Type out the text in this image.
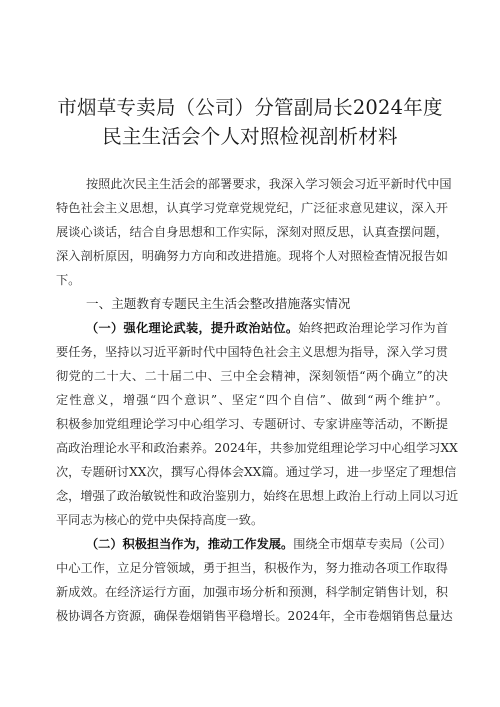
市烟草专卖局（公司）分管副局长2024年度
民主生活会个人对照检视剖析材料
按照此次民主生活会的部署要求，我深入学习领会习近平新时代中国
特色社会主义思想，认真学习党章党规党纪，广泛征求意见建议，深入开
展谈心谈话，结合自身思想和工作实际，深刻对照反思，认真查摆问题，
深入剖析原因，明确努力方向和改进措施。现将个人对照检查情况报告如
下。
一、主题教育专题民主生活会整改措施落实情况
（一）强化理论武装，提升政治站位。始终把政治理论学习作为首
要任务，坚持以习近平新时代中国特色社会主义思想为指导，深入学习贯
彻党的二十大、二十届二中、三中全会精神，深刻领悟“两个确立”的决
定性意义，增强“四个意识”、坚定“四个自信”、做到“两个维护”。
积极参加党组理论学习中心组学习、专题研讨、专家讲座等活动，不断提
高政治理论水平和政治素养。2024年，共参加党组理论学习中心组学习XX
次，专题研讨XX次，撰写心得体会XX篇。通过学习，进一步坚定了理想信
念，增强了政治敏锐性和政治鉴别力，始终在思想上政治上行动上同以习近
平同志为核心的党中央保持高度一致。
（二）积极担当作为，推动工作发展。围绕全市烟草专卖局（公司）
中心工作，立足分管领域，勇于担当，积极作为，努力推动各项工作取得
新成效。在经济运行方面，加强市场分析和预测，科学制定销售计划，积
极协调各方资源，确保卷烟销售平稳增长。2024年，全市卷烟销售总量达
